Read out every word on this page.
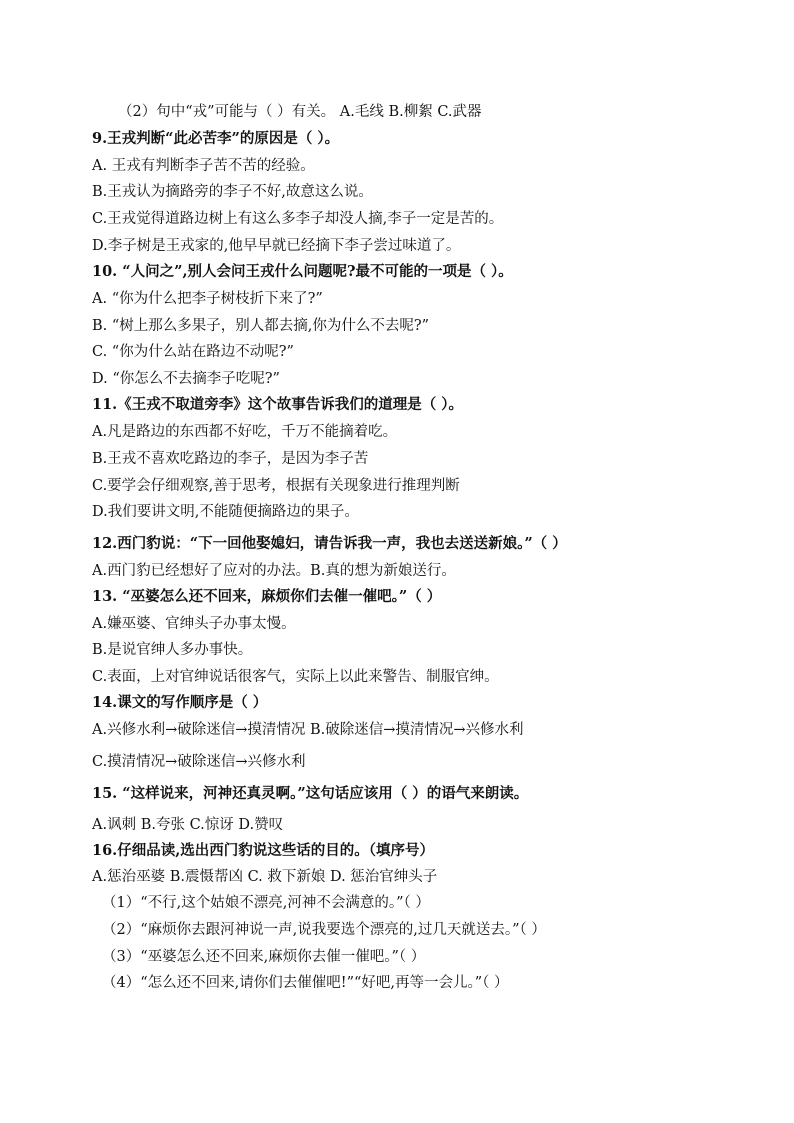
（2）句中“戎”可能与（ ）有关。 A.毛线 B.柳絮 C.武器
9.王戎判断“此必苦李”的原因是（ ）。
A. 王戎有判断李子苦不苦的经验。
B.王戎认为摘路旁的李子不好,故意这么说。
C.王戎觉得道路边树上有这么多李子却没人摘,李子一定是苦的。
D.李子树是王戎家的,他早早就已经摘下李子尝过味道了。
10. “人问之”,别人会问王戎什么问题呢?最不可能的一项是（ ）。
A. “你为什么把李子树枝折下来了?”
B. “树上那么多果子，别人都去摘,你为什么不去呢?”
C. “你为什么站在路边不动呢?”
D. “你怎么不去摘李子吃呢?”
11.《王戎不取道旁李》这个故事告诉我们的道理是（ ）。
A.凡是路边的东西都不好吃，千万不能摘着吃。
B.王戎不喜欢吃路边的李子，是因为李子苦
C.要学会仔细观察,善于思考，根据有关现象进行推理判断
D.我们要讲文明,不能随便摘路边的果子。
12.西门豹说：“下一回他娶媳妇，请告诉我一声，我也去送送新娘。”（ ）
A.西门豹已经想好了应对的办法。B.真的想为新娘送行。
13. “巫婆怎么还不回来，麻烦你们去催一催吧。”（ ）
A.嫌巫婆、官绅头子办事太慢。
B.是说官绅人多办事快。
C.表面，上对官绅说话很客气，实际上以此来警告、制服官绅。
14.课文的写作顺序是（ ）
A.兴修水利→破除迷信→摸清情况 B.破除迷信→摸清情况→兴修水利
C.摸清情况→破除迷信→兴修水利
15. “这样说来，河神还真灵啊。”这句话应该用（ ）的语气来朗读。
A.讽刺 B.夸张 C.惊讶 D.赞叹
16.仔细品读,选出西门豹说这些话的目的。（填序号）
A.惩治巫婆 B.震慑帮凶 C. 救下新娘 D. 惩治官绅头子
（1）“不行,这个姑娘不漂亮,河神不会满意的。”（ ）
（2）“麻烦你去跟河神说一声,说我要选个漂亮的,过几天就送去。”（ ）
（3）“巫婆怎么还不回来,麻烦你去催一催吧。”（ ）
（4）“怎么还不回来,请你们去催催吧!”“好吧,再等一会儿。”（ ）
